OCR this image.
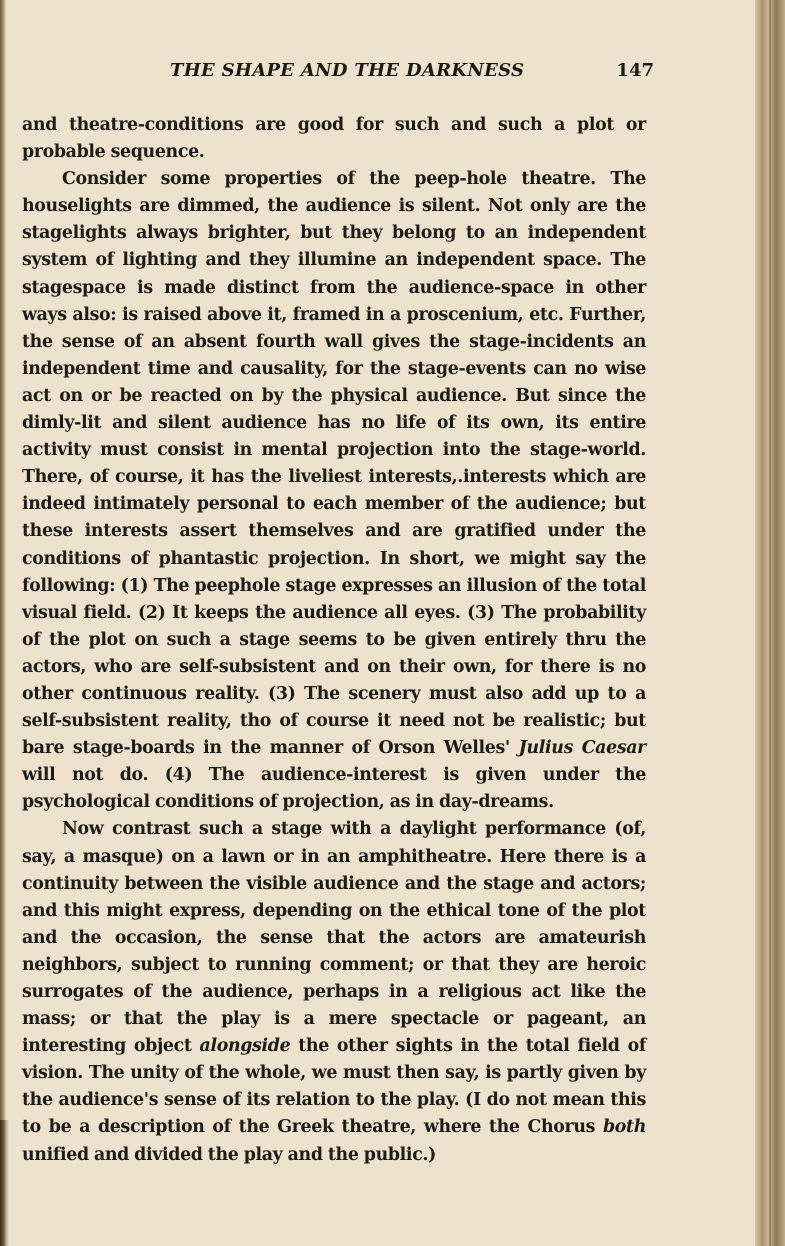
THE SHAPE AND THE DARKNESS	147

and theatre-conditions are good for such and such a plot or probable sequence.

Consider some properties of the peep-hole theatre. The houselights are dimmed, the audience is silent. Not only are the stagelights always brighter, but they belong to an independent system of lighting and they illumine an independent space. The stagespace is made distinct from the audience-space in other ways also: is raised above it, framed in a proscenium, etc. Further, the sense of an absent fourth wall gives the stage-incidents an independent time and causality, for the stage-events can no wise act on or be reacted on by the physical audience. But since the dimly-lit and silent audience has no life of its own, its entire activity must consist in mental projection into the stage-world. There, of course, it has the liveliest interests,.interests which are indeed intimately personal to each member of the audience; but these interests assert themselves and are gratified under the conditions of phantastic projection. In short, we might say the following: (1) The peephole stage expresses an illusion of the total visual field. (2) It keeps the audience all eyes. (3) The probability of the plot on such a stage seems to be given entirely thru the actors, who are self-subsistent and on their own, for there is no other continuous reality. (3) The scenery must also add up to a self-subsistent reality, tho of course it need not be realistic; but bare stage-boards in the manner of Orson Welles' Julius Caesar will not do. (4) The audience-interest is given under the psychological conditions of projection, as in day-dreams.

Now contrast such a stage with a daylight performance (of, say, a masque) on a lawn or in an amphitheatre. Here there is a continuity between the visible audience and the stage and actors; and this might express, depending on the ethical tone of the plot and the occasion, the sense that the actors are amateurish neighbors, subject to running comment; or that they are heroic surrogates of the audience, perhaps in a religious act like the mass; or that the play is a mere spectacle or pageant, an interesting object alongside the other sights in the total field of vision. The unity of the whole, we must then say, is partly given by the audience's sense of its relation to the play. (I do not mean this to be a description of the Greek theatre, where the Chorus both unified and divided the play and the public.)
